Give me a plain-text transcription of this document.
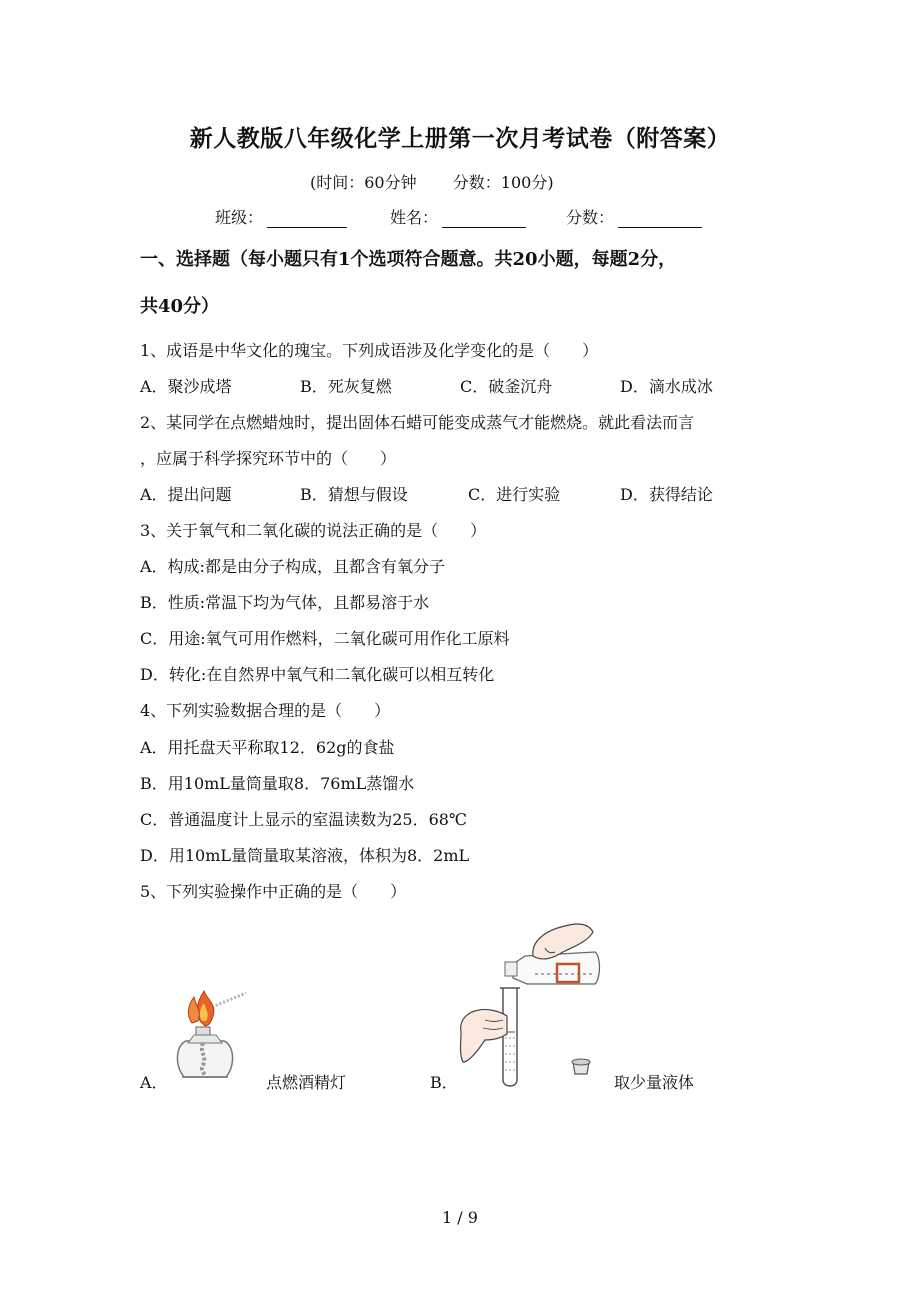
新人教版八年级化学上册第一次月考试卷（附答案）
(时间：60分钟 分数：100分)
班级：	姓名：	分数：
一、选择题（每小题只有1个选项符合题意。共20小题，每题2分，
共40分）
1、成语是中华文化的瑰宝。下列成语涉及化学变化的是（　　）
A．聚沙成塔	B．死灰复燃	C．破釜沉舟	D．滴水成冰
2、某同学在点燃蜡烛时，提出固体石蜡可能变成蒸气才能燃烧。就此看法而言
，应属于科学探究环节中的（　　）
A．提出问题	B．猜想与假设	C．进行实验	D．获得结论
3、关于氧气和二氧化碳的说法正确的是（　　）
A．构成:都是由分子构成，且都含有氧分子
B．性质:常温下均为气体，且都易溶于水
C．用途:氧气可用作燃料，二氧化碳可用作化工原料
D．转化:在自然界中氧气和二氧化碳可以相互转化
4、下列实验数据合理的是（　　）
A．用托盘天平称取12．62g的食盐
B．用10mL量筒量取8．76mL蒸馏水
C．普通温度计上显示的室温读数为25．68℃
D．用10mL量筒量取某溶液，体积为8．2mL
5、下列实验操作中正确的是（　　）
A．	点燃酒精灯	B．	取少量液体
1 / 9
